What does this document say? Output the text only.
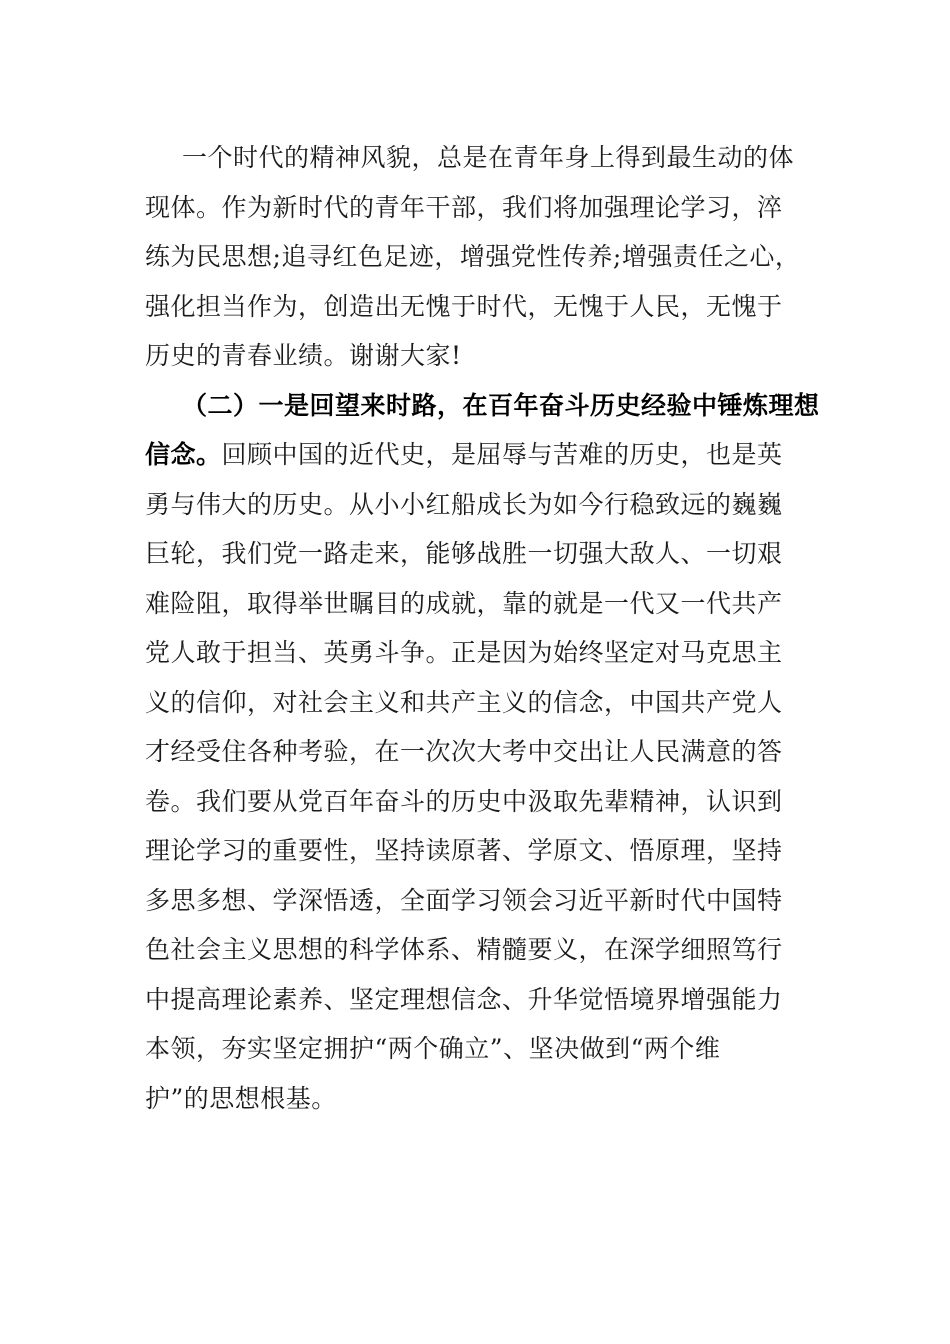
一个时代的精神风貌，总是在青年身上得到最生动的体
现体。作为新时代的青年干部，我们将加强理论学习，淬
练为民思想;追寻红色足迹，增强党性传养;增强责任之心，
强化担当作为，创造出无愧于时代，无愧于人民，无愧于
历史的青春业绩。谢谢大家!
（二）一是回望来时路，在百年奋斗历史经验中锤炼理想
信念。回顾中国的近代史，是屈辱与苦难的历史，也是英
勇与伟大的历史。从小小红船成长为如今行稳致远的巍巍
巨轮，我们党一路走来，能够战胜一切强大敌人、一切艰
难险阻，取得举世瞩目的成就，靠的就是一代又一代共产
党人敢于担当、英勇斗争。正是因为始终坚定对马克思主
义的信仰，对社会主义和共产主义的信念，中国共产党人
才经受住各种考验，在一次次大考中交出让人民满意的答
卷。我们要从党百年奋斗的历史中汲取先辈精神，认识到
理论学习的重要性，坚持读原著、学原文、悟原理，坚持
多思多想、学深悟透，全面学习领会习近平新时代中国特
色社会主义思想的科学体系、精髓要义，在深学细照笃行
中提高理论素养、坚定理想信念、升华觉悟境界增强能力
本领，夯实坚定拥护“两个确立”、坚决做到“两个维
护”的思想根基。
